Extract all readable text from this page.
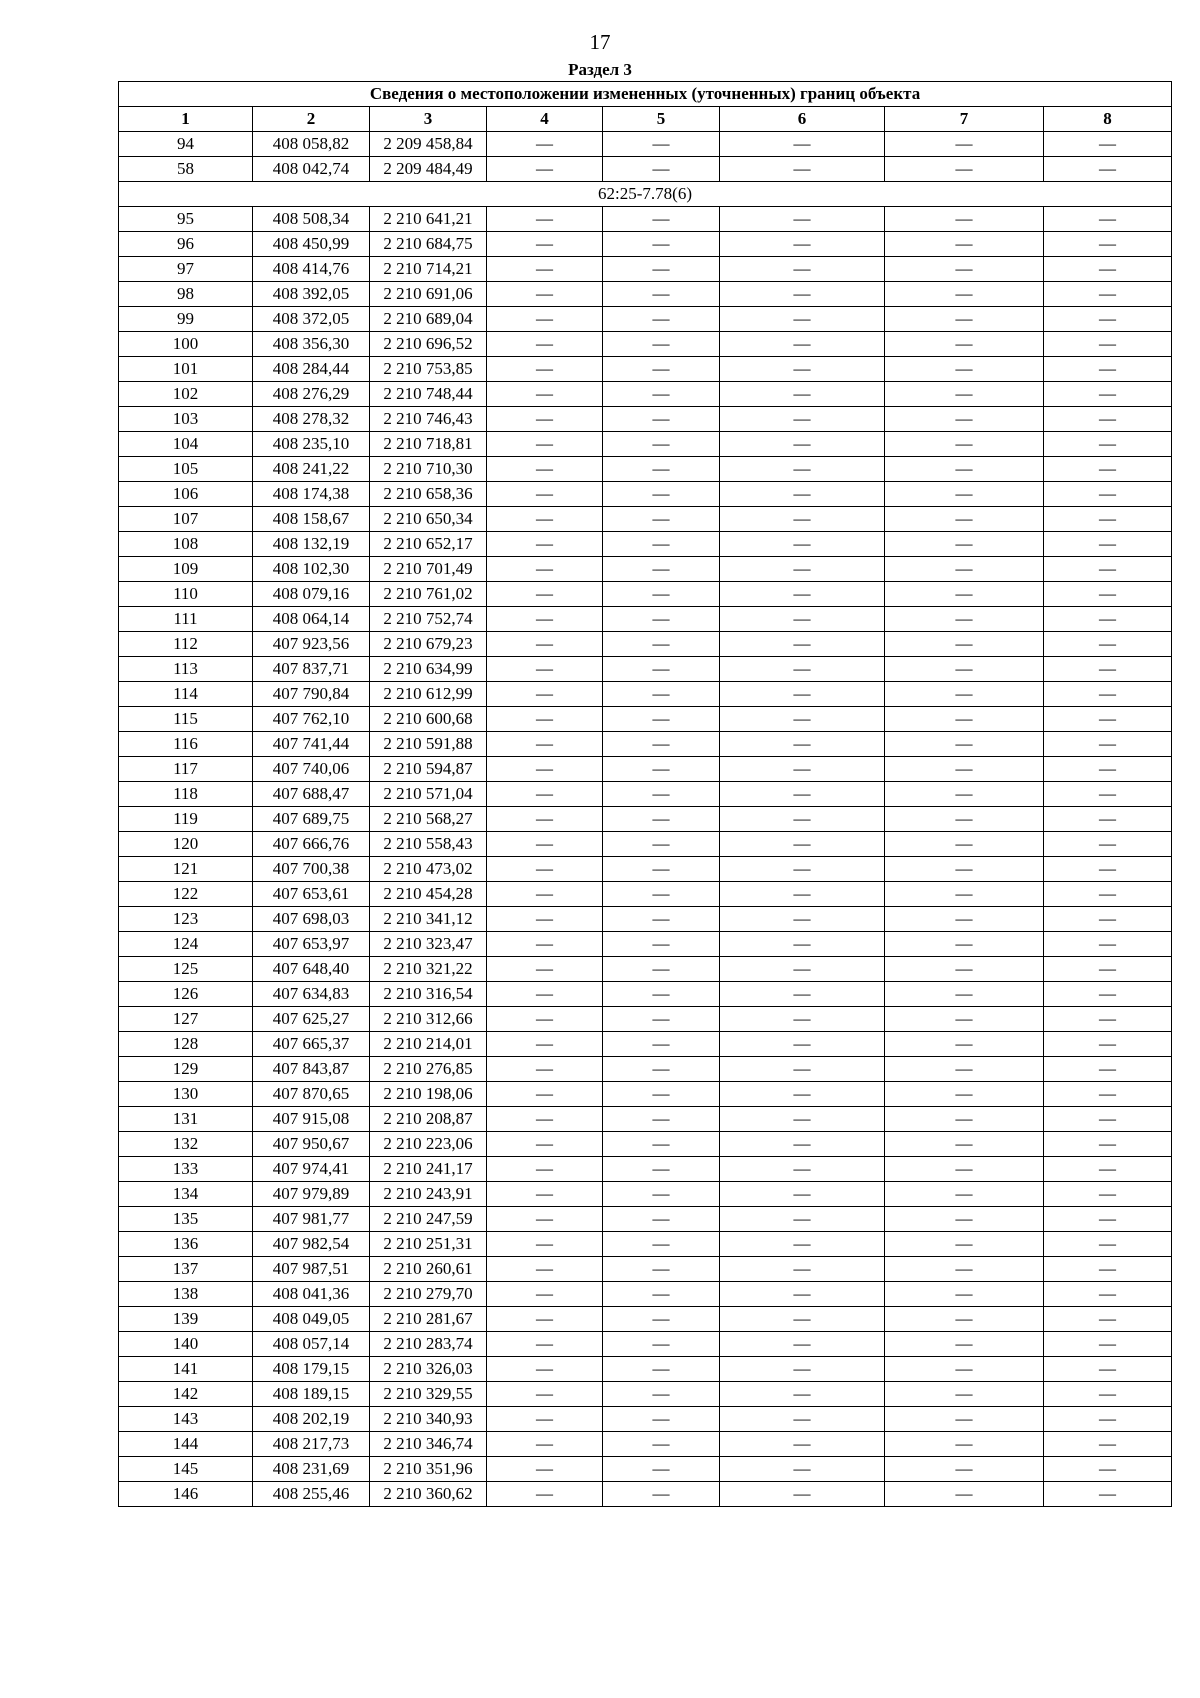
17
Раздел 3
Сведения о местоположении измененных (уточненных) границ объекта							
1	2	3	4	5	6	7	8
94	408 058,82	2 209 458,84	—	—	—	—	—
58	408 042,74	2 209 484,49	—	—	—	—	—
62:25-7.78(6)							
95	408 508,34	2 210 641,21	—	—	—	—	—
96	408 450,99	2 210 684,75	—	—	—	—	—
97	408 414,76	2 210 714,21	—	—	—	—	—
98	408 392,05	2 210 691,06	—	—	—	—	—
99	408 372,05	2 210 689,04	—	—	—	—	—
100	408 356,30	2 210 696,52	—	—	—	—	—
101	408 284,44	2 210 753,85	—	—	—	—	—
102	408 276,29	2 210 748,44	—	—	—	—	—
103	408 278,32	2 210 746,43	—	—	—	—	—
104	408 235,10	2 210 718,81	—	—	—	—	—
105	408 241,22	2 210 710,30	—	—	—	—	—
106	408 174,38	2 210 658,36	—	—	—	—	—
107	408 158,67	2 210 650,34	—	—	—	—	—
108	408 132,19	2 210 652,17	—	—	—	—	—
109	408 102,30	2 210 701,49	—	—	—	—	—
110	408 079,16	2 210 761,02	—	—	—	—	—
111	408 064,14	2 210 752,74	—	—	—	—	—
112	407 923,56	2 210 679,23	—	—	—	—	—
113	407 837,71	2 210 634,99	—	—	—	—	—
114	407 790,84	2 210 612,99	—	—	—	—	—
115	407 762,10	2 210 600,68	—	—	—	—	—
116	407 741,44	2 210 591,88	—	—	—	—	—
117	407 740,06	2 210 594,87	—	—	—	—	—
118	407 688,47	2 210 571,04	—	—	—	—	—
119	407 689,75	2 210 568,27	—	—	—	—	—
120	407 666,76	2 210 558,43	—	—	—	—	—
121	407 700,38	2 210 473,02	—	—	—	—	—
122	407 653,61	2 210 454,28	—	—	—	—	—
123	407 698,03	2 210 341,12	—	—	—	—	—
124	407 653,97	2 210 323,47	—	—	—	—	—
125	407 648,40	2 210 321,22	—	—	—	—	—
126	407 634,83	2 210 316,54	—	—	—	—	—
127	407 625,27	2 210 312,66	—	—	—	—	—
128	407 665,37	2 210 214,01	—	—	—	—	—
129	407 843,87	2 210 276,85	—	—	—	—	—
130	407 870,65	2 210 198,06	—	—	—	—	—
131	407 915,08	2 210 208,87	—	—	—	—	—
132	407 950,67	2 210 223,06	—	—	—	—	—
133	407 974,41	2 210 241,17	—	—	—	—	—
134	407 979,89	2 210 243,91	—	—	—	—	—
135	407 981,77	2 210 247,59	—	—	—	—	—
136	407 982,54	2 210 251,31	—	—	—	—	—
137	407 987,51	2 210 260,61	—	—	—	—	—
138	408 041,36	2 210 279,70	—	—	—	—	—
139	408 049,05	2 210 281,67	—	—	—	—	—
140	408 057,14	2 210 283,74	—	—	—	—	—
141	408 179,15	2 210 326,03	—	—	—	—	—
142	408 189,15	2 210 329,55	—	—	—	—	—
143	408 202,19	2 210 340,93	—	—	—	—	—
144	408 217,73	2 210 346,74	—	—	—	—	—
145	408 231,69	2 210 351,96	—	—	—	—	—
146	408 255,46	2 210 360,62	—	—	—	—	—
